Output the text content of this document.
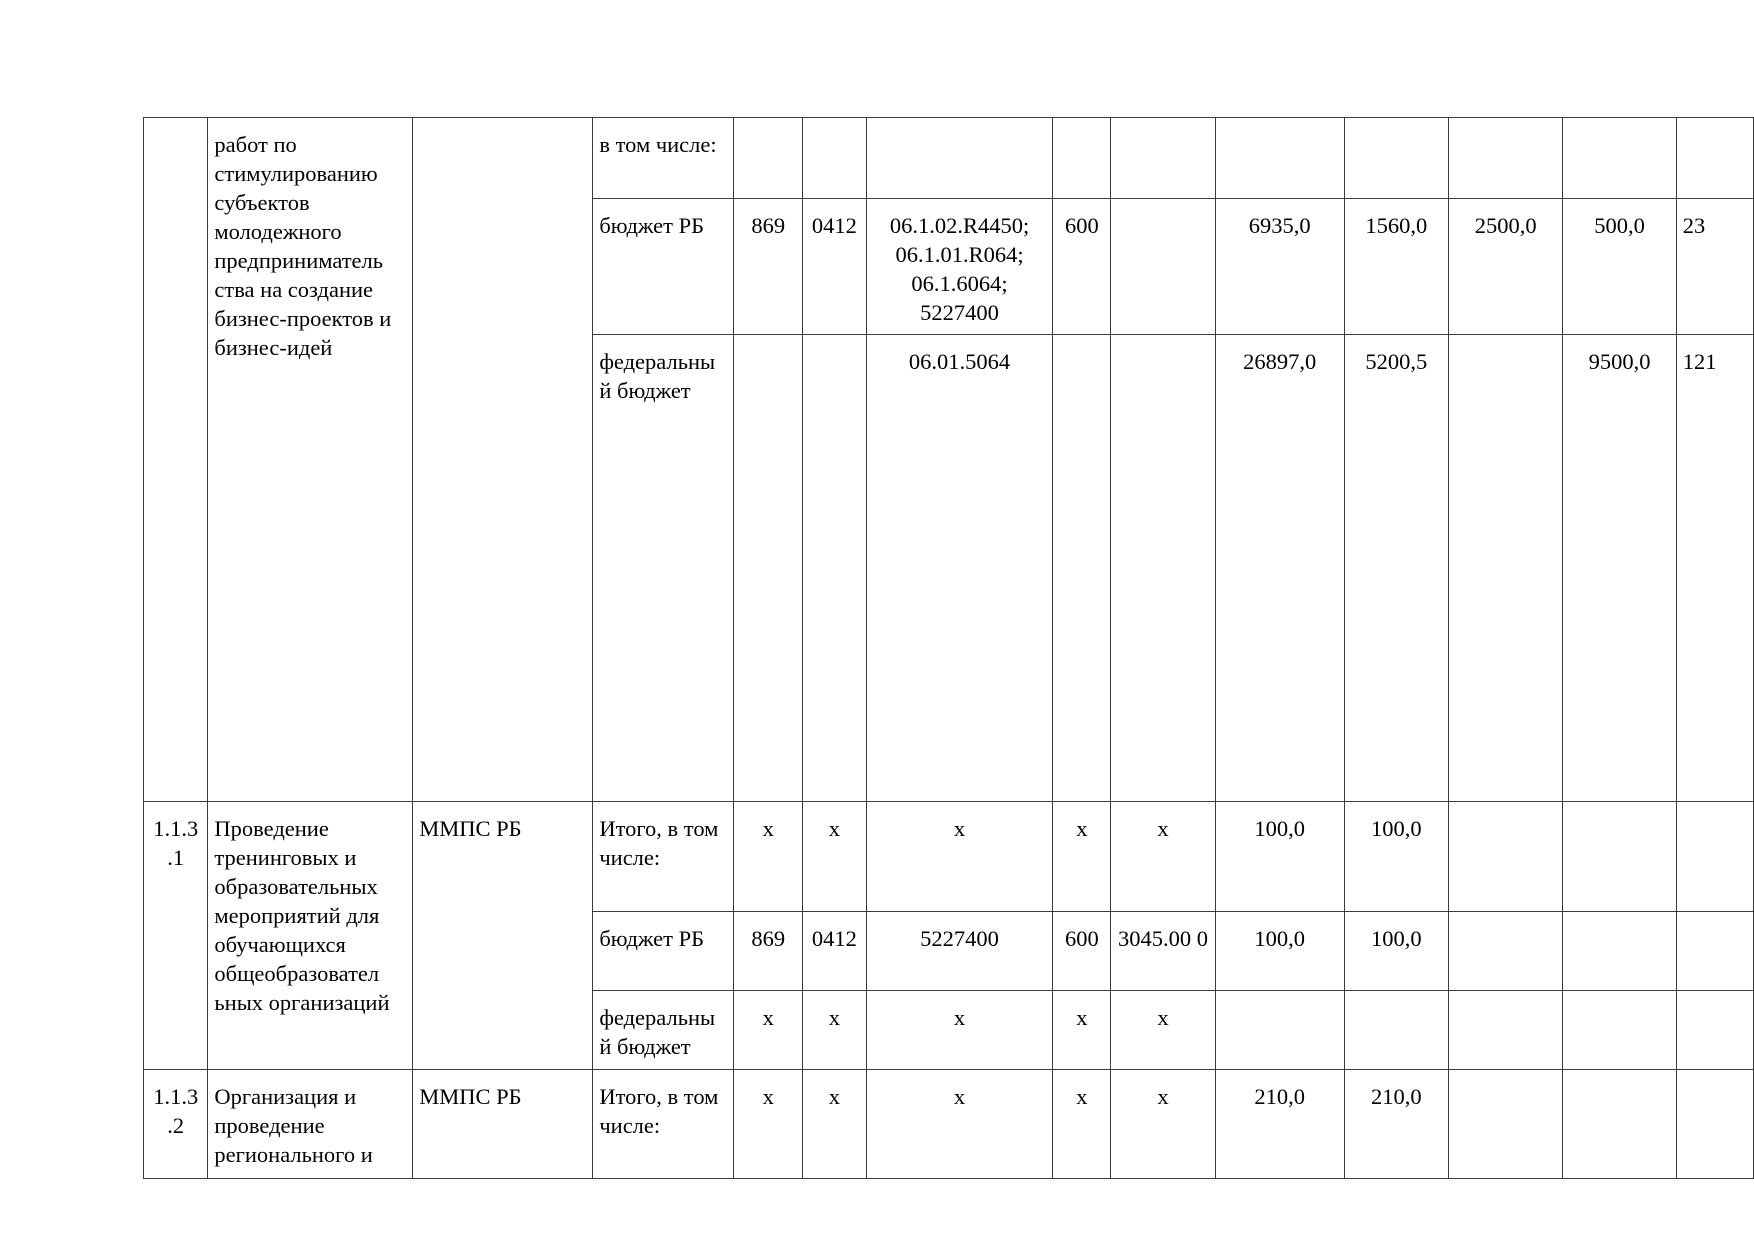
	работ по стимулированию субъектов молодежного предприниматель ства на создание бизнес-проектов и бизнес-идей		в том числе:										
			бюджет РБ	869	0412	06.1.02.R4450; 06.1.01.R064; 06.1.6064; 5227400	600		6935,0	1560,0	2500,0	500,0	23
			федеральны й бюджет			06.01.5064			26897,0	5200,5		9500,0	121
1.1.3 .1	Проведение тренинговых и образовательных мероприятий для обучающихся общеобразовател ьных организаций	ММПС РБ	Итого, в том числе:	x	x	x	x	x	100,0	100,0			
			бюджет РБ	869	0412	5227400	600	3045.00 0	100,0	100,0			
			федеральны й бюджет	x	x	x	x	x					
1.1.3 .2	Организация и проведение регионального и	ММПС РБ	Итого, в том числе:	x	x	x	x	x	210,0	210,0			
